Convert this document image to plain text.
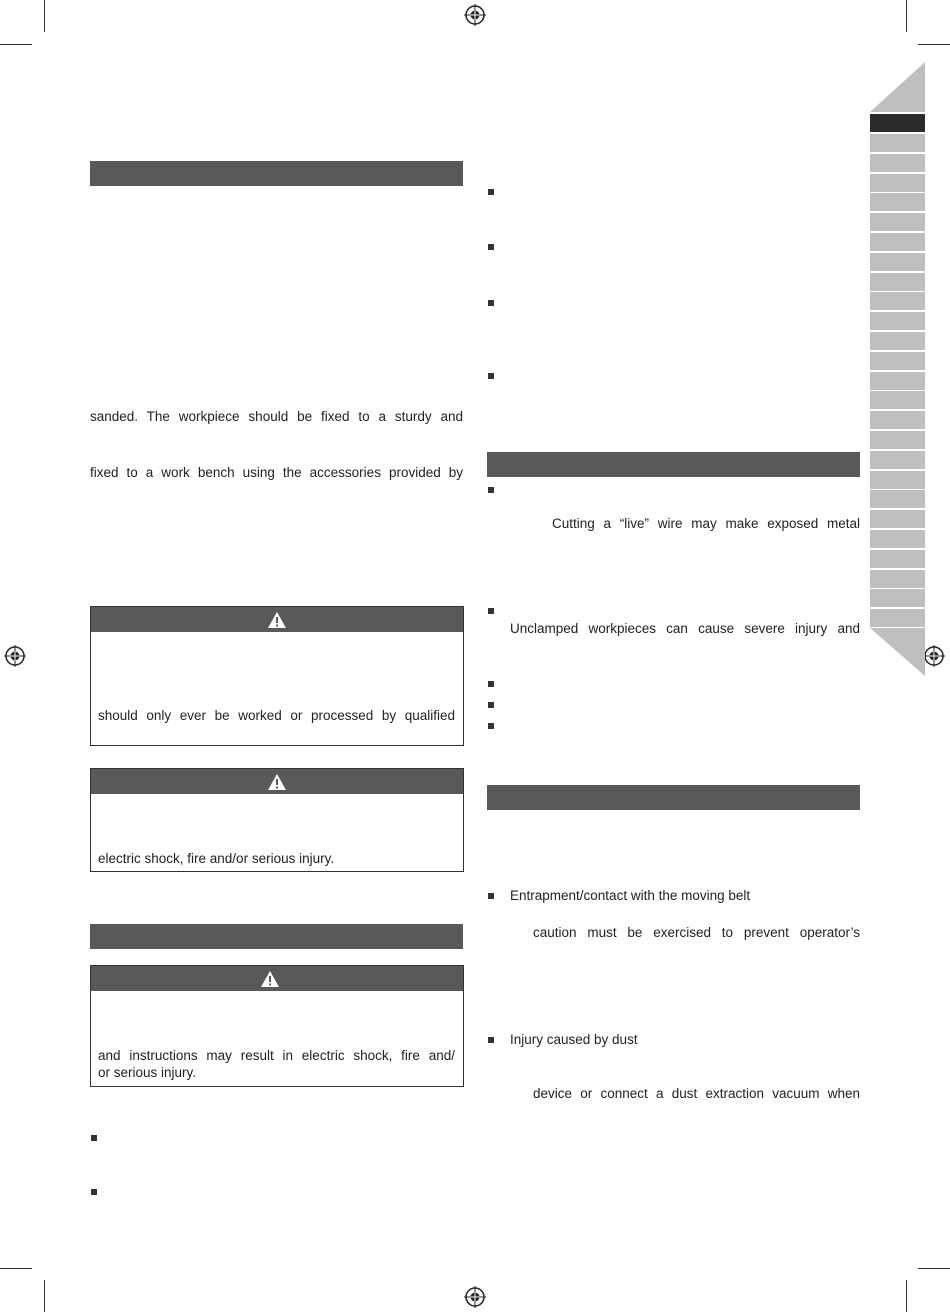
sanded. The workpiece should be fixed to a sturdy and
fixed to a work bench using the accessories provided by
should only ever be worked or processed by qualified
electric shock, fire and/or serious injury.
and instructions may result in electric shock, fire and/
or serious injury.
Cutting a “live” wire may make exposed metal
Unclamped workpieces can cause severe injury and
Entrapment/contact with the moving belt
caution must be exercised to prevent operator’s
Injury caused by dust
device or connect a dust extraction vacuum when
